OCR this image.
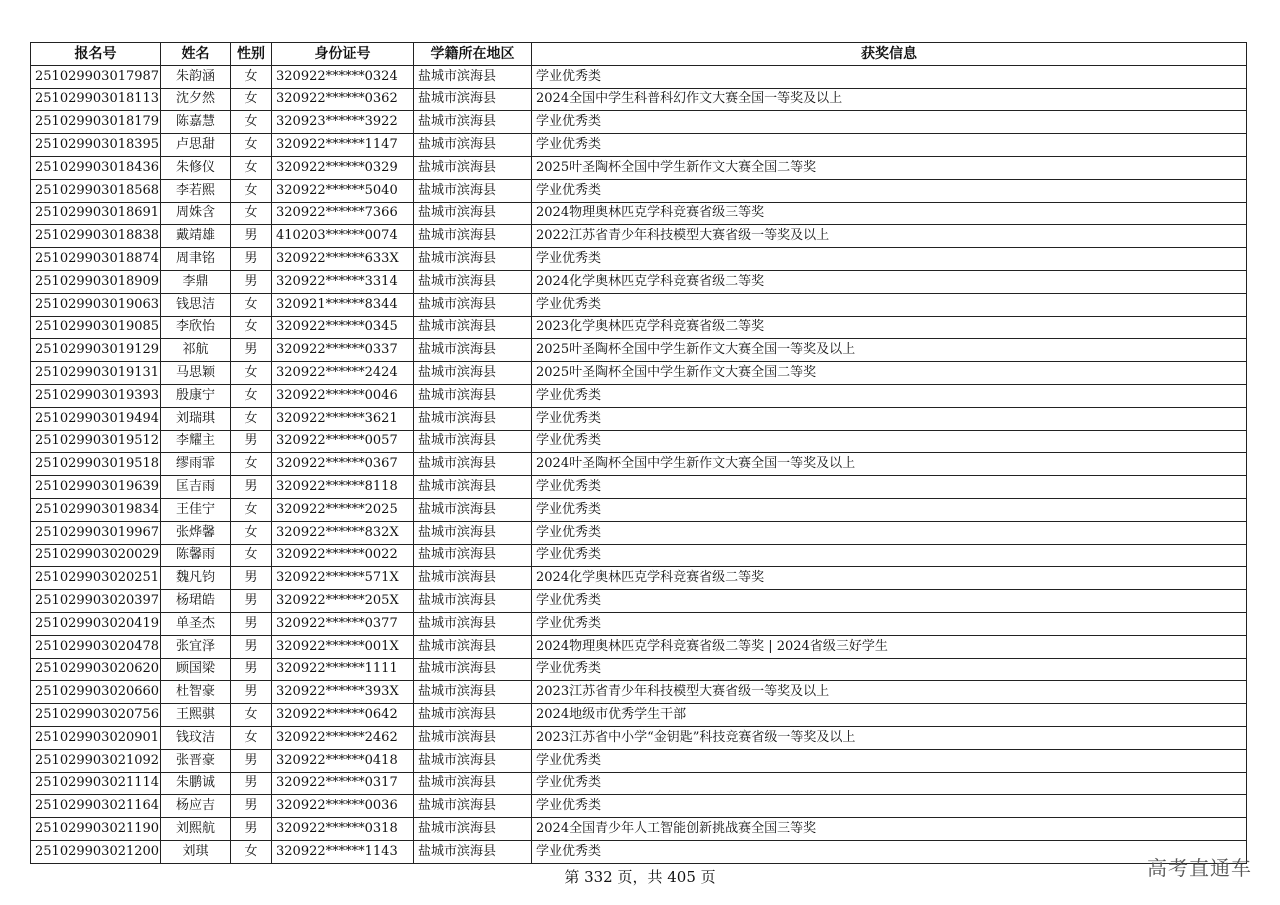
报名号	姓名	性别	身份证号	学籍所在地区	获奖信息
251029903017987	朱韵涵	女	320922******0324	盐城市滨海县	学业优秀类
251029903018113	沈夕然	女	320922******0362	盐城市滨海县	2024全国中学生科普科幻作文大赛全国一等奖及以上
251029903018179	陈嘉慧	女	320923******3922	盐城市滨海县	学业优秀类
251029903018395	卢思甜	女	320922******1147	盐城市滨海县	学业优秀类
251029903018436	朱修仪	女	320922******0329	盐城市滨海县	2025叶圣陶杯全国中学生新作文大赛全国二等奖
251029903018568	李若熙	女	320922******5040	盐城市滨海县	学业优秀类
251029903018691	周姝含	女	320922******7366	盐城市滨海县	2024物理奥林匹克学科竞赛省级三等奖
251029903018838	戴靖雄	男	410203******0074	盐城市滨海县	2022江苏省青少年科技模型大赛省级一等奖及以上
251029903018874	周聿铭	男	320922******633X	盐城市滨海县	学业优秀类
251029903018909	李鼎	男	320922******3314	盐城市滨海县	2024化学奥林匹克学科竞赛省级二等奖
251029903019063	钱思洁	女	320921******8344	盐城市滨海县	学业优秀类
251029903019085	李欣怡	女	320922******0345	盐城市滨海县	2023化学奥林匹克学科竞赛省级二等奖
251029903019129	祁航	男	320922******0337	盐城市滨海县	2025叶圣陶杯全国中学生新作文大赛全国一等奖及以上
251029903019131	马思颖	女	320922******2424	盐城市滨海县	2025叶圣陶杯全国中学生新作文大赛全国二等奖
251029903019393	殷康宁	女	320922******0046	盐城市滨海县	学业优秀类
251029903019494	刘瑞琪	女	320922******3621	盐城市滨海县	学业优秀类
251029903019512	李耀主	男	320922******0057	盐城市滨海县	学业优秀类
251029903019518	缪雨霏	女	320922******0367	盐城市滨海县	2024叶圣陶杯全国中学生新作文大赛全国一等奖及以上
251029903019639	匡吉雨	男	320922******8118	盐城市滨海县	学业优秀类
251029903019834	王佳宁	女	320922******2025	盐城市滨海县	学业优秀类
251029903019967	张烨馨	女	320922******832X	盐城市滨海县	学业优秀类
251029903020029	陈馨雨	女	320922******0022	盐城市滨海县	学业优秀类
251029903020251	魏凡钧	男	320922******571X	盐城市滨海县	2024化学奥林匹克学科竞赛省级二等奖
251029903020397	杨珺皓	男	320922******205X	盐城市滨海县	学业优秀类
251029903020419	单圣杰	男	320922******0377	盐城市滨海县	学业优秀类
251029903020478	张宜泽	男	320922******001X	盐城市滨海县	2024物理奥林匹克学科竞赛省级二等奖 | 2024省级三好学生
251029903020620	顾国梁	男	320922******1111	盐城市滨海县	学业优秀类
251029903020660	杜智豪	男	320922******393X	盐城市滨海县	2023江苏省青少年科技模型大赛省级一等奖及以上
251029903020756	王熙骐	女	320922******0642	盐城市滨海县	2024地级市优秀学生干部
251029903020901	钱玟洁	女	320922******2462	盐城市滨海县	2023江苏省中小学“金钥匙”科技竞赛省级一等奖及以上
251029903021092	张晋豪	男	320922******0418	盐城市滨海县	学业优秀类
251029903021114	朱鹏诚	男	320922******0317	盐城市滨海县	学业优秀类
251029903021164	杨应吉	男	320922******0036	盐城市滨海县	学业优秀类
251029903021190	刘熙航	男	320922******0318	盐城市滨海县	2024全国青少年人工智能创新挑战赛全国三等奖
251029903021200	刘琪	女	320922******1143	盐城市滨海县	学业优秀类
第 332 页，共 405 页	高考直通车
